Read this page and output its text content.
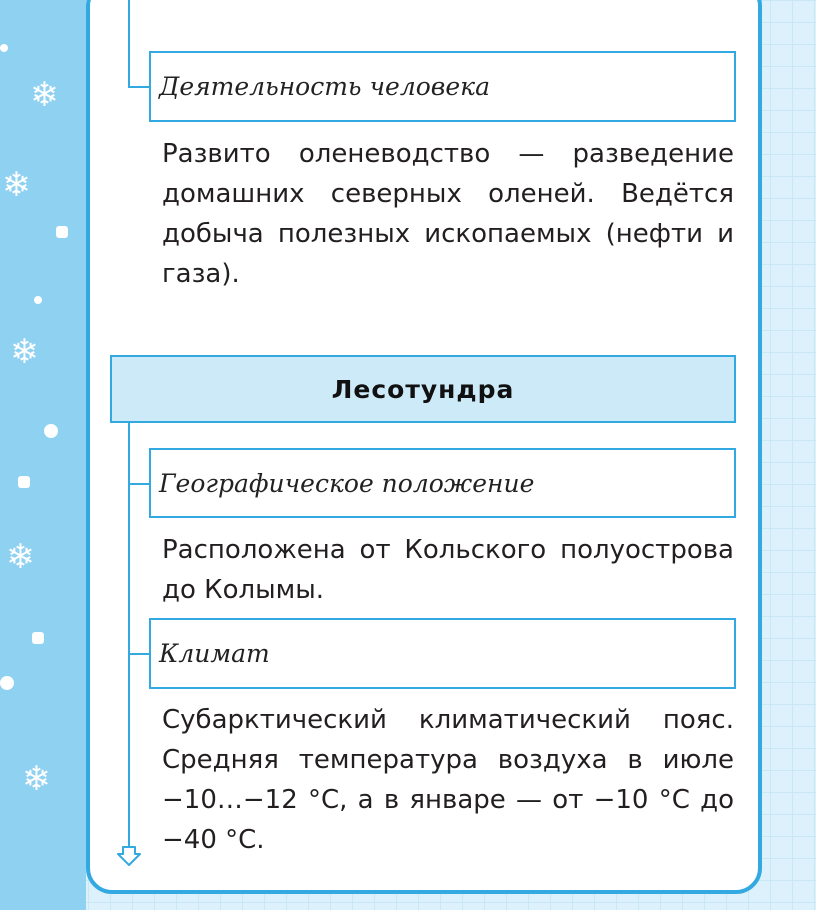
❄
❄
❄
❄
❄
Деятельность человека

Развито оленеводство — разведение домашних северных оленей. Ведётся добыча полезных ископаемых (нефти и газа).

Лесотундра
Географическое положение

Расположена от Кольского полуострова до Колымы.

Климат

Субарктический климатический пояс. Средняя температура воздуха в июле −10…−12 °С, а в январе — от −10 °С до −40 °С.
